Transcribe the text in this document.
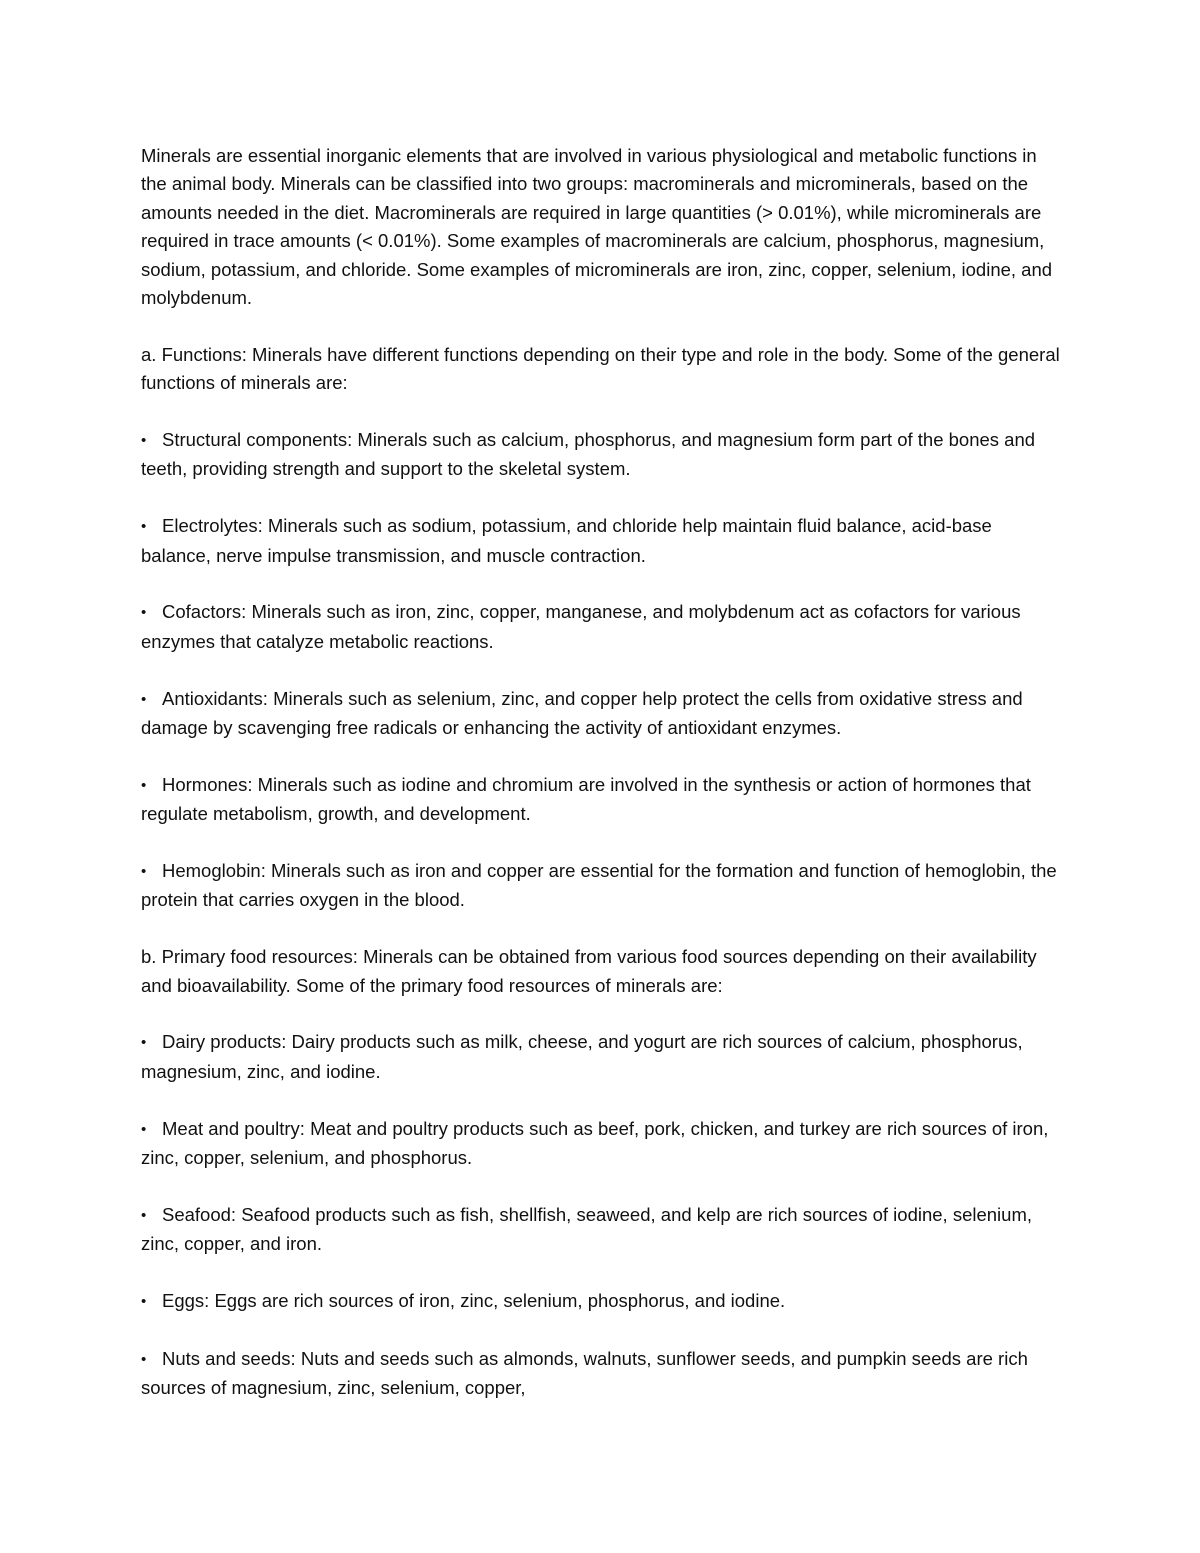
Minerals are essential inorganic elements that are involved in various physiological and metabolic functions in the animal body. Minerals can be classified into two groups: macrominerals and microminerals, based on the amounts needed in the diet. Macrominerals are required in large quantities (> 0.01%), while microminerals are required in trace amounts (< 0.01%). Some examples of macrominerals are calcium, phosphorus, magnesium, sodium, potassium, and chloride. Some examples of microminerals are iron, zinc, copper, selenium, iodine, and molybdenum.

a. Functions: Minerals have different functions depending on their type and role in the body. Some of the general functions of minerals are:

• Structural components: Minerals such as calcium, phosphorus, and magnesium form part of the bones and teeth, providing strength and support to the skeletal system.

• Electrolytes: Minerals such as sodium, potassium, and chloride help maintain fluid balance, acid-base balance, nerve impulse transmission, and muscle contraction.

• Cofactors: Minerals such as iron, zinc, copper, manganese, and molybdenum act as cofactors for various enzymes that catalyze metabolic reactions.

• Antioxidants: Minerals such as selenium, zinc, and copper help protect the cells from oxidative stress and damage by scavenging free radicals or enhancing the activity of antioxidant enzymes.

• Hormones: Minerals such as iodine and chromium are involved in the synthesis or action of hormones that regulate metabolism, growth, and development.

• Hemoglobin: Minerals such as iron and copper are essential for the formation and function of hemoglobin, the protein that carries oxygen in the blood.

b. Primary food resources: Minerals can be obtained from various food sources depending on their availability and bioavailability. Some of the primary food resources of minerals are:

• Dairy products: Dairy products such as milk, cheese, and yogurt are rich sources of calcium, phosphorus, magnesium, zinc, and iodine.

• Meat and poultry: Meat and poultry products such as beef, pork, chicken, and turkey are rich sources of iron, zinc, copper, selenium, and phosphorus.

• Seafood: Seafood products such as fish, shellfish, seaweed, and kelp are rich sources of iodine, selenium, zinc, copper, and iron.

• Eggs: Eggs are rich sources of iron, zinc, selenium, phosphorus, and iodine.

• Nuts and seeds: Nuts and seeds such as almonds, walnuts, sunflower seeds, and pumpkin seeds are rich sources of magnesium, zinc, selenium, copper,
